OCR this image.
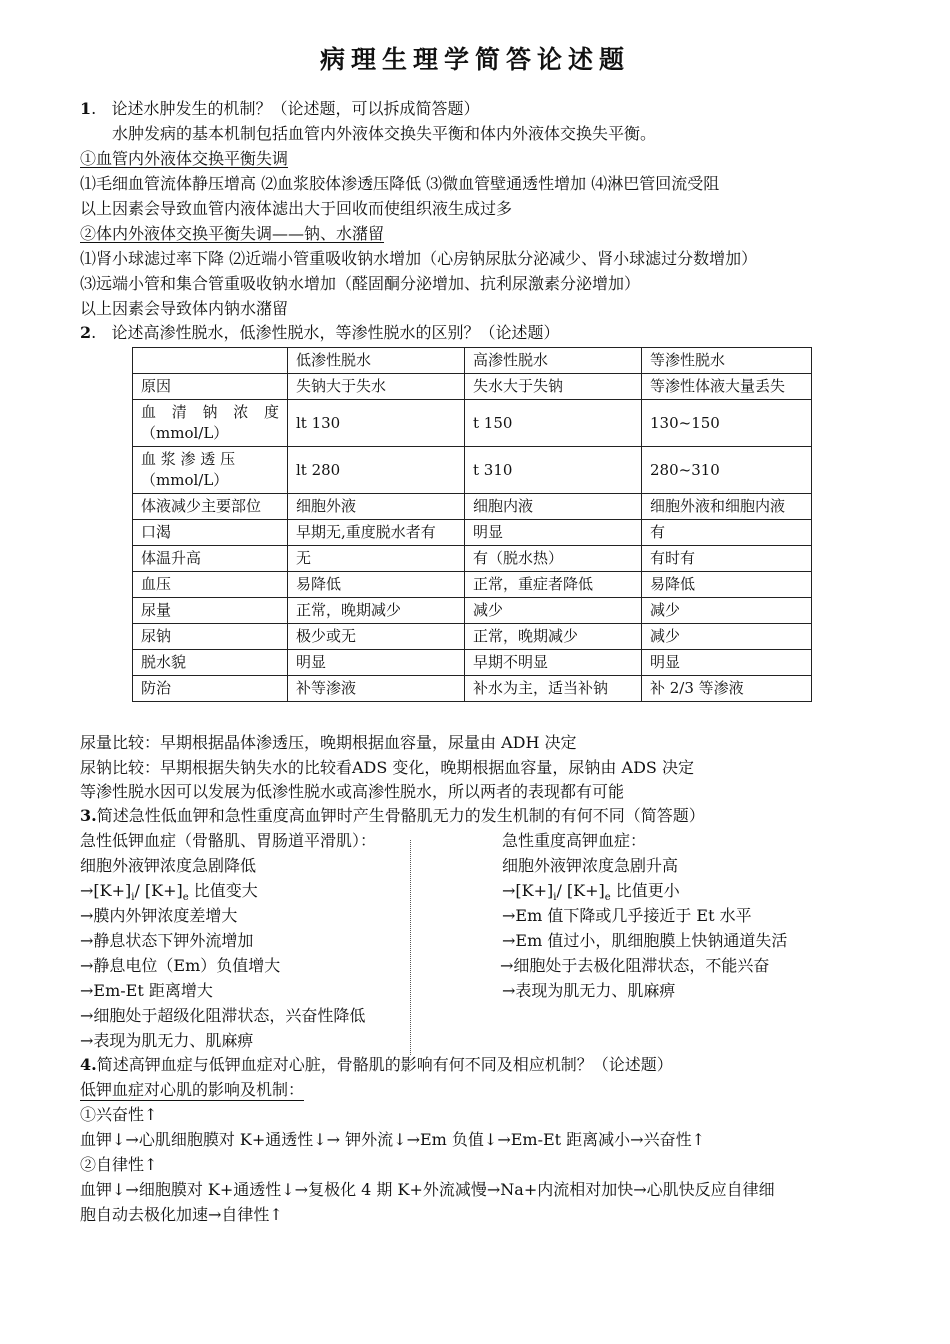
病理生理学简答论述题
1.   论述水肿发生的机制？（论述题，可以拆成简答题）
水肿发病的基本机制包括血管内外液体交换失平衡和体内外液体交换失平衡。
①血管内外液体交换平衡失调
⑴毛细血管流体静压增高 ⑵血浆胶体渗透压降低 ⑶微血管壁通透性增加 ⑷淋巴管回流受阻
以上因素会导致血管内液体滤出大于回收而使组织液生成过多
②体内外液体交换平衡失调——钠、水潴留
⑴肾小球滤过率下降 ⑵近端小管重吸收钠水增加（心房钠尿肽分泌减少、肾小球滤过分数增加）
⑶远端小管和集合管重吸收钠水增加（醛固酮分泌增加、抗利尿激素分泌增加）
以上因素会导致体内钠水潴留
2.   论述高渗性脱水，低渗性脱水，等渗性脱水的区别？（论述题）
	低渗性脱水	高渗性脱水	等渗性脱水
原因	失钠大于失水	失水大于失钠	等渗性体液大量丢失
血 清 钠 浓 度（mmol/L）	lt 130	t 150	130~150
血 浆 渗 透 压（mmol/L）	lt 280	t 310	280~310
体液减少主要部位	细胞外液	细胞内液	细胞外液和细胞内液
口渴	早期无,重度脱水者有	明显	有
体温升高	无	有（脱水热）	有时有
血压	易降低	正常，重症者降低	易降低
尿量	正常，晚期减少	减少	减少
尿钠	极少或无	正常，晚期减少	减少
脱水貌	明显	早期不明显	明显
防治	补等渗液	补水为主，适当补钠	补 2/3 等渗液
尿量比较：早期根据晶体渗透压，晚期根据血容量，尿量由 ADH 决定
尿钠比较：早期根据失钠失水的比较看ADS 变化，晚期根据血容量，尿钠由 ADS 决定
等渗性脱水因可以发展为低渗性脱水或高渗性脱水，所以两者的表现都有可能
3.简述急性低血钾和急性重度高血钾时产生骨骼肌无力的发生机制的有何不同（简答题）
急性低钾血症（骨骼肌、胃肠道平滑肌）：
细胞外液钾浓度急剧降低
$\to[K+]_i/$ $[K+]_e$ 比值变大
→膜内外钾浓度差增大
→静息状态下钾外流增加
→静息电位（Em）负值增大
→Em-Et 距离增大
→细胞处于超级化阻滞状态，兴奋性降低
→表现为肌无力、肌麻痹
急性重度高钾血症：
细胞外液钾浓度急剧升高
$\to[K+]_i/$ $[K+]_e$ 比值更小
→Em 值下降或几乎接近于 Et 水平
→Em 值过小，肌细胞膜上快钠通道失活
→细胞处于去极化阻滞状态，不能兴奋
→表现为肌无力、肌麻痹
4.简述高钾血症与低钾血症对心脏，骨骼肌的影响有何不同及相应机制？（论述题）
低钾血症对心肌的影响及机制：
①兴奋性↑
血钾↓→心肌细胞膜对 K+通透性↓→ 钾外流↓→Em 负值↓→Em-Et 距离减小→兴奋性↑
②自律性↑
血钾↓→细胞膜对 K+通透性↓→复极化 4 期 K+外流减慢→Na+内流相对加快→心肌快反应自律细
胞自动去极化加速→自律性↑
